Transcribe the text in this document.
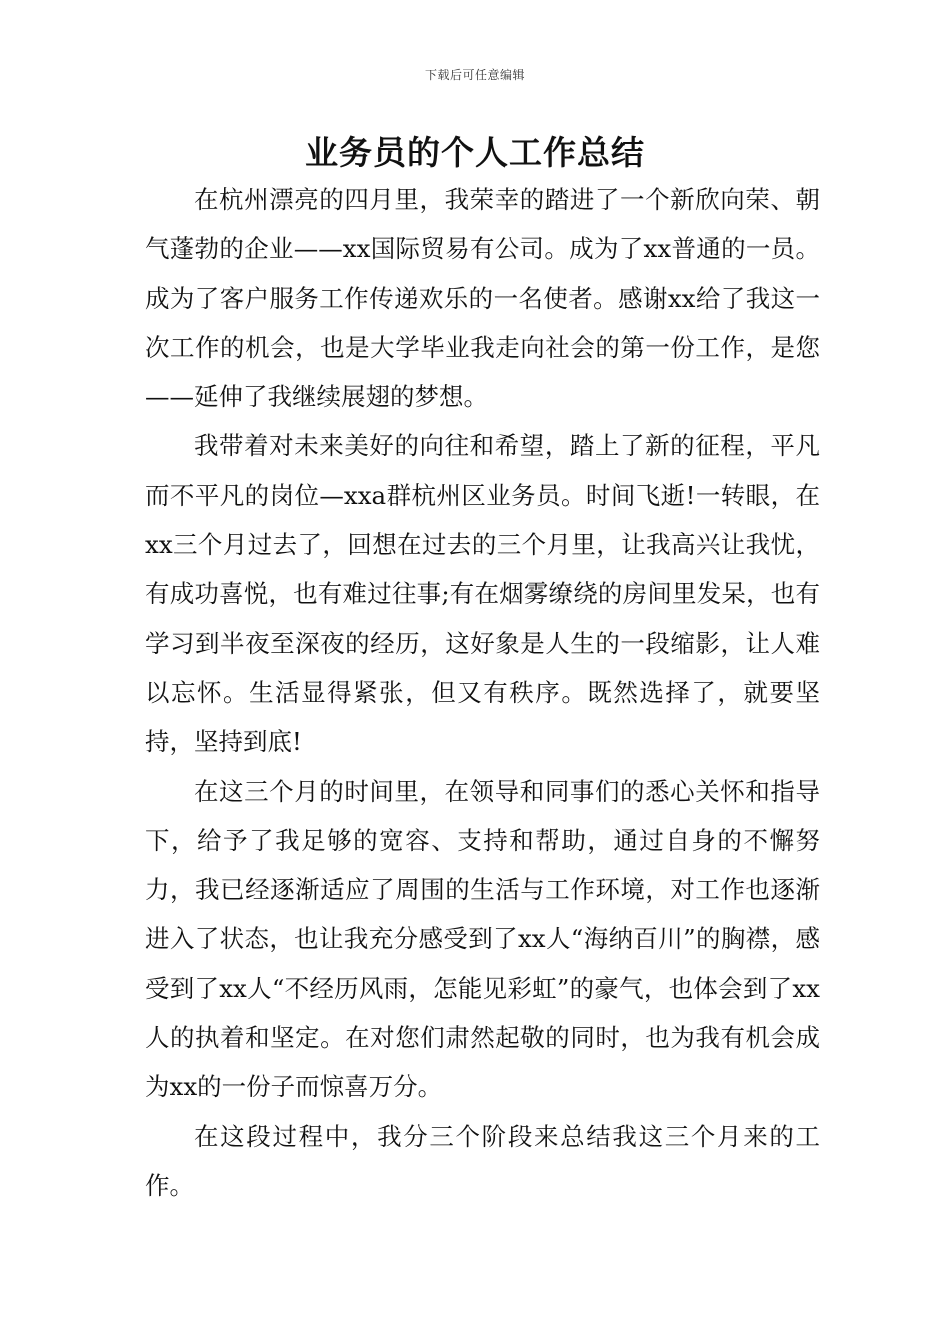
下载后可任意编辑
业务员的个人工作总结

在杭州漂亮的四月里，我荣幸的踏进了一个新欣向荣、朝气蓬勃的企业——xx国际贸易有公司。成为了xx普通的一员。成为了客户服务工作传递欢乐的一名使者。感谢xx给了我这一次工作的机会，也是大学毕业我走向社会的第一份工作，是您——延伸了我继续展翅的梦想。

我带着对未来美好的向往和希望，踏上了新的征程，平凡而不平凡的岗位—xxa群杭州区业务员。时间飞逝!一转眼，在xx三个月过去了，回想在过去的三个月里，让我高兴让我忧，有成功喜悦，也有难过往事;有在烟雾缭绕的房间里发呆，也有学习到半夜至深夜的经历，这好象是人生的一段缩影，让人难以忘怀。生活显得紧张，但又有秩序。既然选择了，就要坚持，坚持到底!

在这三个月的时间里，在领导和同事们的悉心关怀和指导下，给予了我足够的宽容、支持和帮助，通过自身的不懈努力，我已经逐渐适应了周围的生活与工作环境，对工作也逐渐进入了状态，也让我充分感受到了xx人“海纳百川”的胸襟，感受到了xx人“不经历风雨，怎能见彩虹”的豪气，也体会到了xx人的执着和坚定。在对您们肃然起敬的同时，也为我有机会成为xx的一份子而惊喜万分。

在这段过程中，我分三个阶段来总结我这三个月来的工作。
